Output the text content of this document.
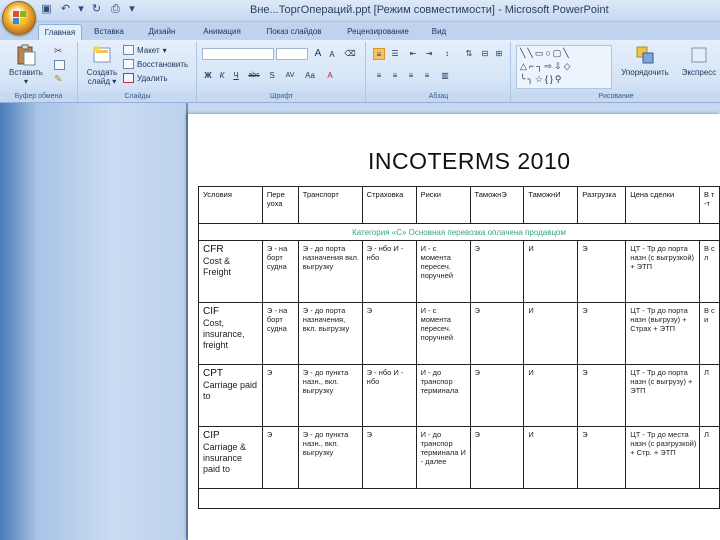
▣ ↶ ▾ ↻ ⎙ ▾	Вне...ТоргОпераций.ppt [Режим совместимости] - Microsoft PowerPoint
Главная	Вставка	Дизайн	Анимация	Показ слайдов	Рецензирование	Вид
Вставить
▾
✂
✎
Буфер обмена
Создать
слайд ▾
Макет ▾
Восстановить
Удалить
Слайды
A	A	⌫
Ж	К	Ч	abc	S	AV	Аа	A
Шрифт
≡	☰	⇤	⇥	↕	⇅	⊟ ⊞
≡	≡	≡	≡	▥
Абзац
╲╲▭○▢╲
△⌐┐⇨⇩◇
╰╮☆{}⚲
Упорядочить	Экспресс
Рисование
INCOTERMS 2010
Условия	Пере уоха	Транспорт	Страховка	Риски	ТаможнЭ	ТаможнИ	Разгрузка	Цена сделки	В т -т
Категория «С» Основная перевозка оплачена продавцом									

CFR
Cost & Freight	Э - на борт судна	Э - до порта назначения вкл. выгрузку	Э - нбо И - нбо	И - с момента пересеч. поручней	Э	И	Э	ЦТ - Тр до порта назн (с выгрузкой) + ЭТП	В с л

CIF
Cost, insurance, freight	Э - на борт судна	Э - до порта назначения, вкл. выгрузку	Э	И - с момента пересеч. поручней	Э	И	Э	ЦТ - Тр до порта назн (выгрузу) + Страх + ЭТП	В с и

CPT
Carriage paid to	Э	Э - до пункта назн., вкл. выгрузку	Э - нбо И - нбо	И - до транспор терминала	Э	И	Э	ЦТ - Тр до порта назн (с выгрузу) + ЭТП	Л

CIP
Carriage & insurance paid to	Э	Э - до пункта назн., вкл. выгрузку	Э	И - до транспор терминала И - далее	Э	И	Э	ЦТ - Тр до места назн (с разгрузкой) + Стр. + ЭТП	Л
